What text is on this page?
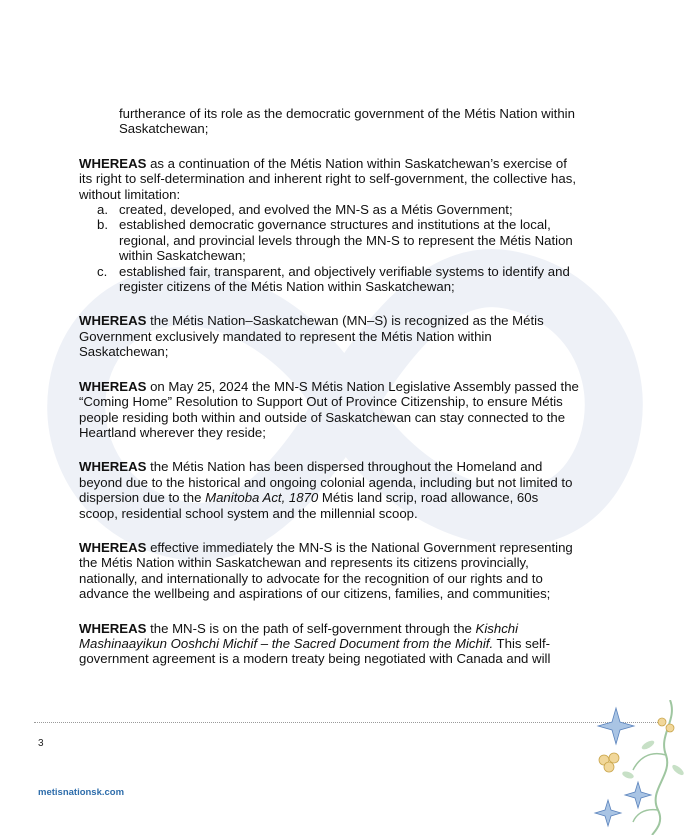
furtherance of its role as the democratic government of the Métis Nation within Saskatchewan;

WHEREAS as a continuation of the Métis Nation within Saskatchewan’s exercise of its right to self-determination and inherent right to self-government, the collective has, without limitation:

a. created, developed, and evolved the MN-S as a Métis Government;
b. established democratic governance structures and institutions at the local, regional, and provincial levels through the MN-S to represent the Métis Nation within Saskatchewan;
c. established fair, transparent, and objectively verifiable systems to identify and register citizens of the Métis Nation within Saskatchewan;

WHEREAS the Métis Nation–Saskatchewan (MN–S) is recognized as the Métis Government exclusively mandated to represent the Métis Nation within Saskatchewan;

WHEREAS on May 25, 2024 the MN-S Métis Nation Legislative Assembly passed the “Coming Home” Resolution to Support Out of Province Citizenship, to ensure Métis people residing both within and outside of Saskatchewan can stay connected to the Heartland wherever they reside;

WHEREAS the Métis Nation has been dispersed throughout the Homeland and beyond due to the historical and ongoing colonial agenda, including but not limited to dispersion due to the Manitoba Act, 1870 Métis land scrip, road allowance, 60s scoop, residential school system and the millennial scoop.

WHEREAS effective immediately the MN-S is the National Government representing the Métis Nation within Saskatchewan and represents its citizens provincially, nationally, and internationally to advocate for the recognition of our rights and to advance the wellbeing and aspirations of our citizens, families, and communities;

WHEREAS the MN-S is on the path of self-government through the Kishchi Mashinaayikun Ooshchi Michif – the Sacred Document from the Michif. This self-government agreement is a modern treaty being negotiated with Canada and will

3
metisnationsk.com
